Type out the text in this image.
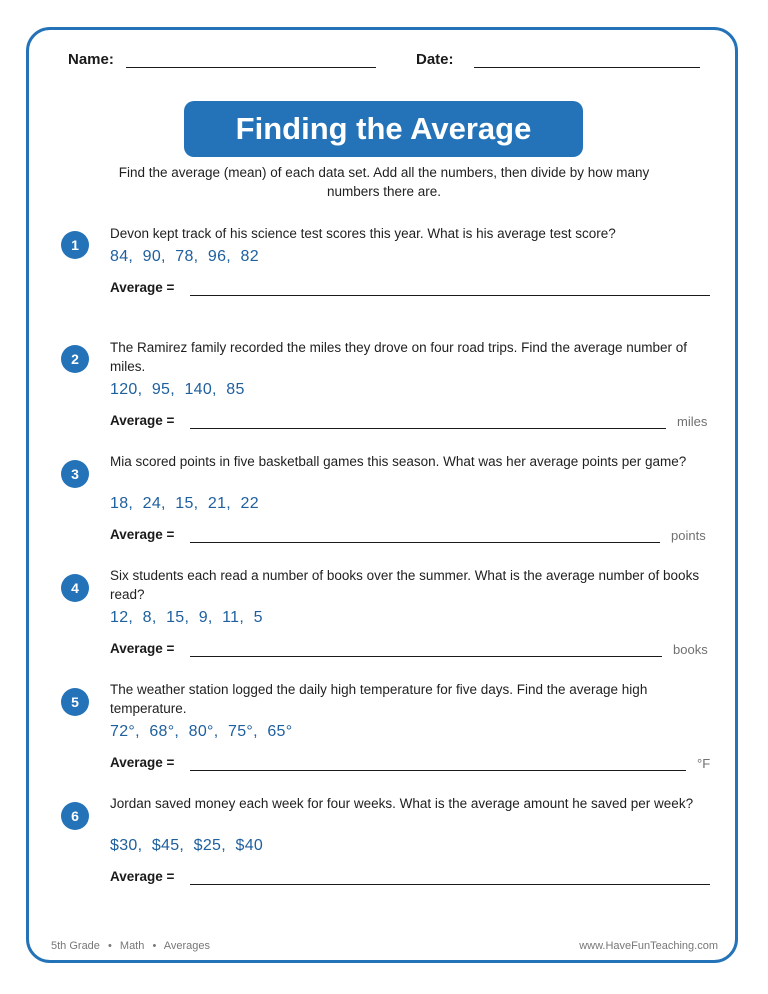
Name:	Date:
Finding the Average
Find the average (mean) of each data set. Add all the numbers, then divide by how many numbers there are.
1
Devon kept track of his science test scores this year. What is his average test score?
84,  90,  78,  96,  82
Average =
2
The Ramirez family recorded the miles they drove on four road trips. Find the average number of miles.
120,  95,  140,  85
Average =	miles
3
Mia scored points in five basketball games this season. What was her average points per game?
18,  24,  15,  21,  22
Average =	points
4
Six students each read a number of books over the summer. What is the average number of books read?
12,  8,  15,  9,  11,  5
Average =	books
5
The weather station logged the daily high temperature for five days. Find the average high temperature.
72°,  68°,  80°,  75°,  65°
Average =	°F
6
Jordan saved money each week for four weeks. What is the average amount he saved per week?
$30,  $45,  $25,  $40
Average =
5th Grade • Math • Averages	www.HaveFunTeaching.com
